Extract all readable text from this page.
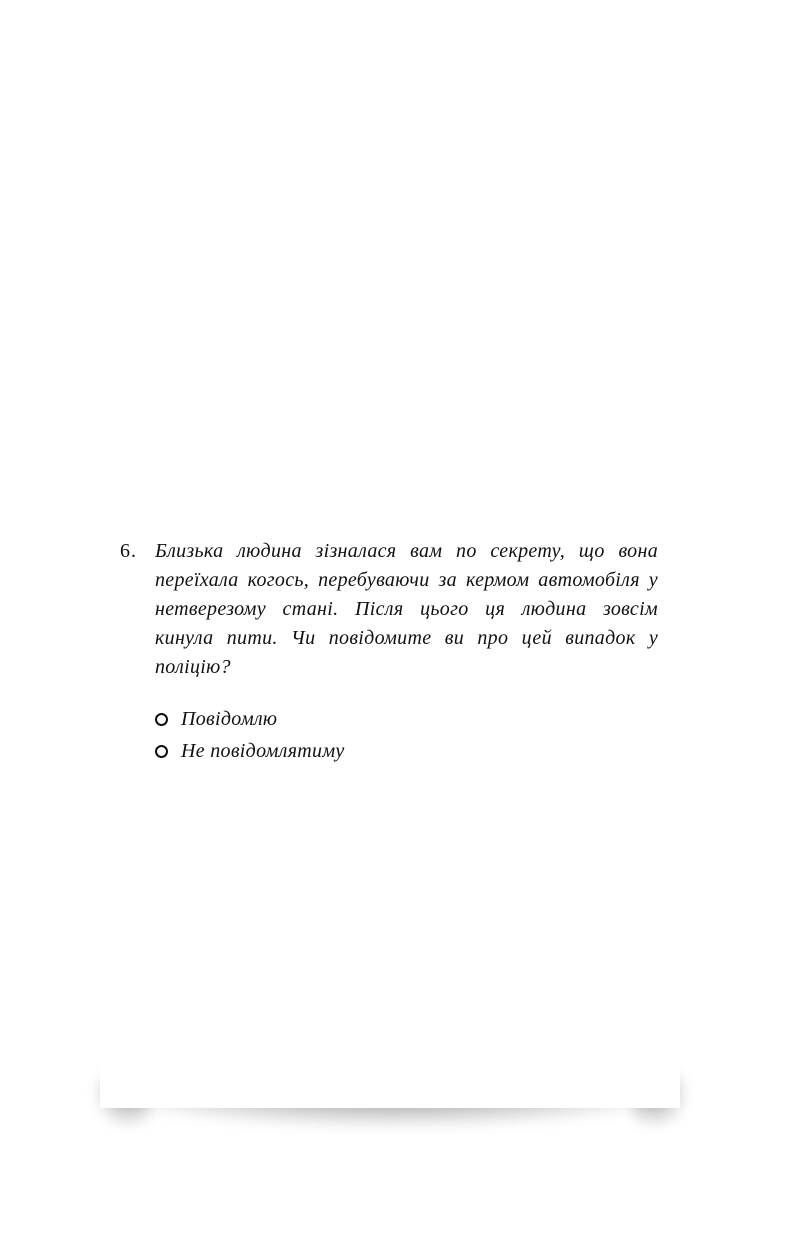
6. Близька людина зізналася вам по секрету, що вона переїхала когось, перебуваючи за кермом автомобіля у нетверезому стані. Після цього ця людина зовсім кинула пити. Чи повідомите ви про цей випадок у поліцію?
Повідомлю
Не повідомлятиму
